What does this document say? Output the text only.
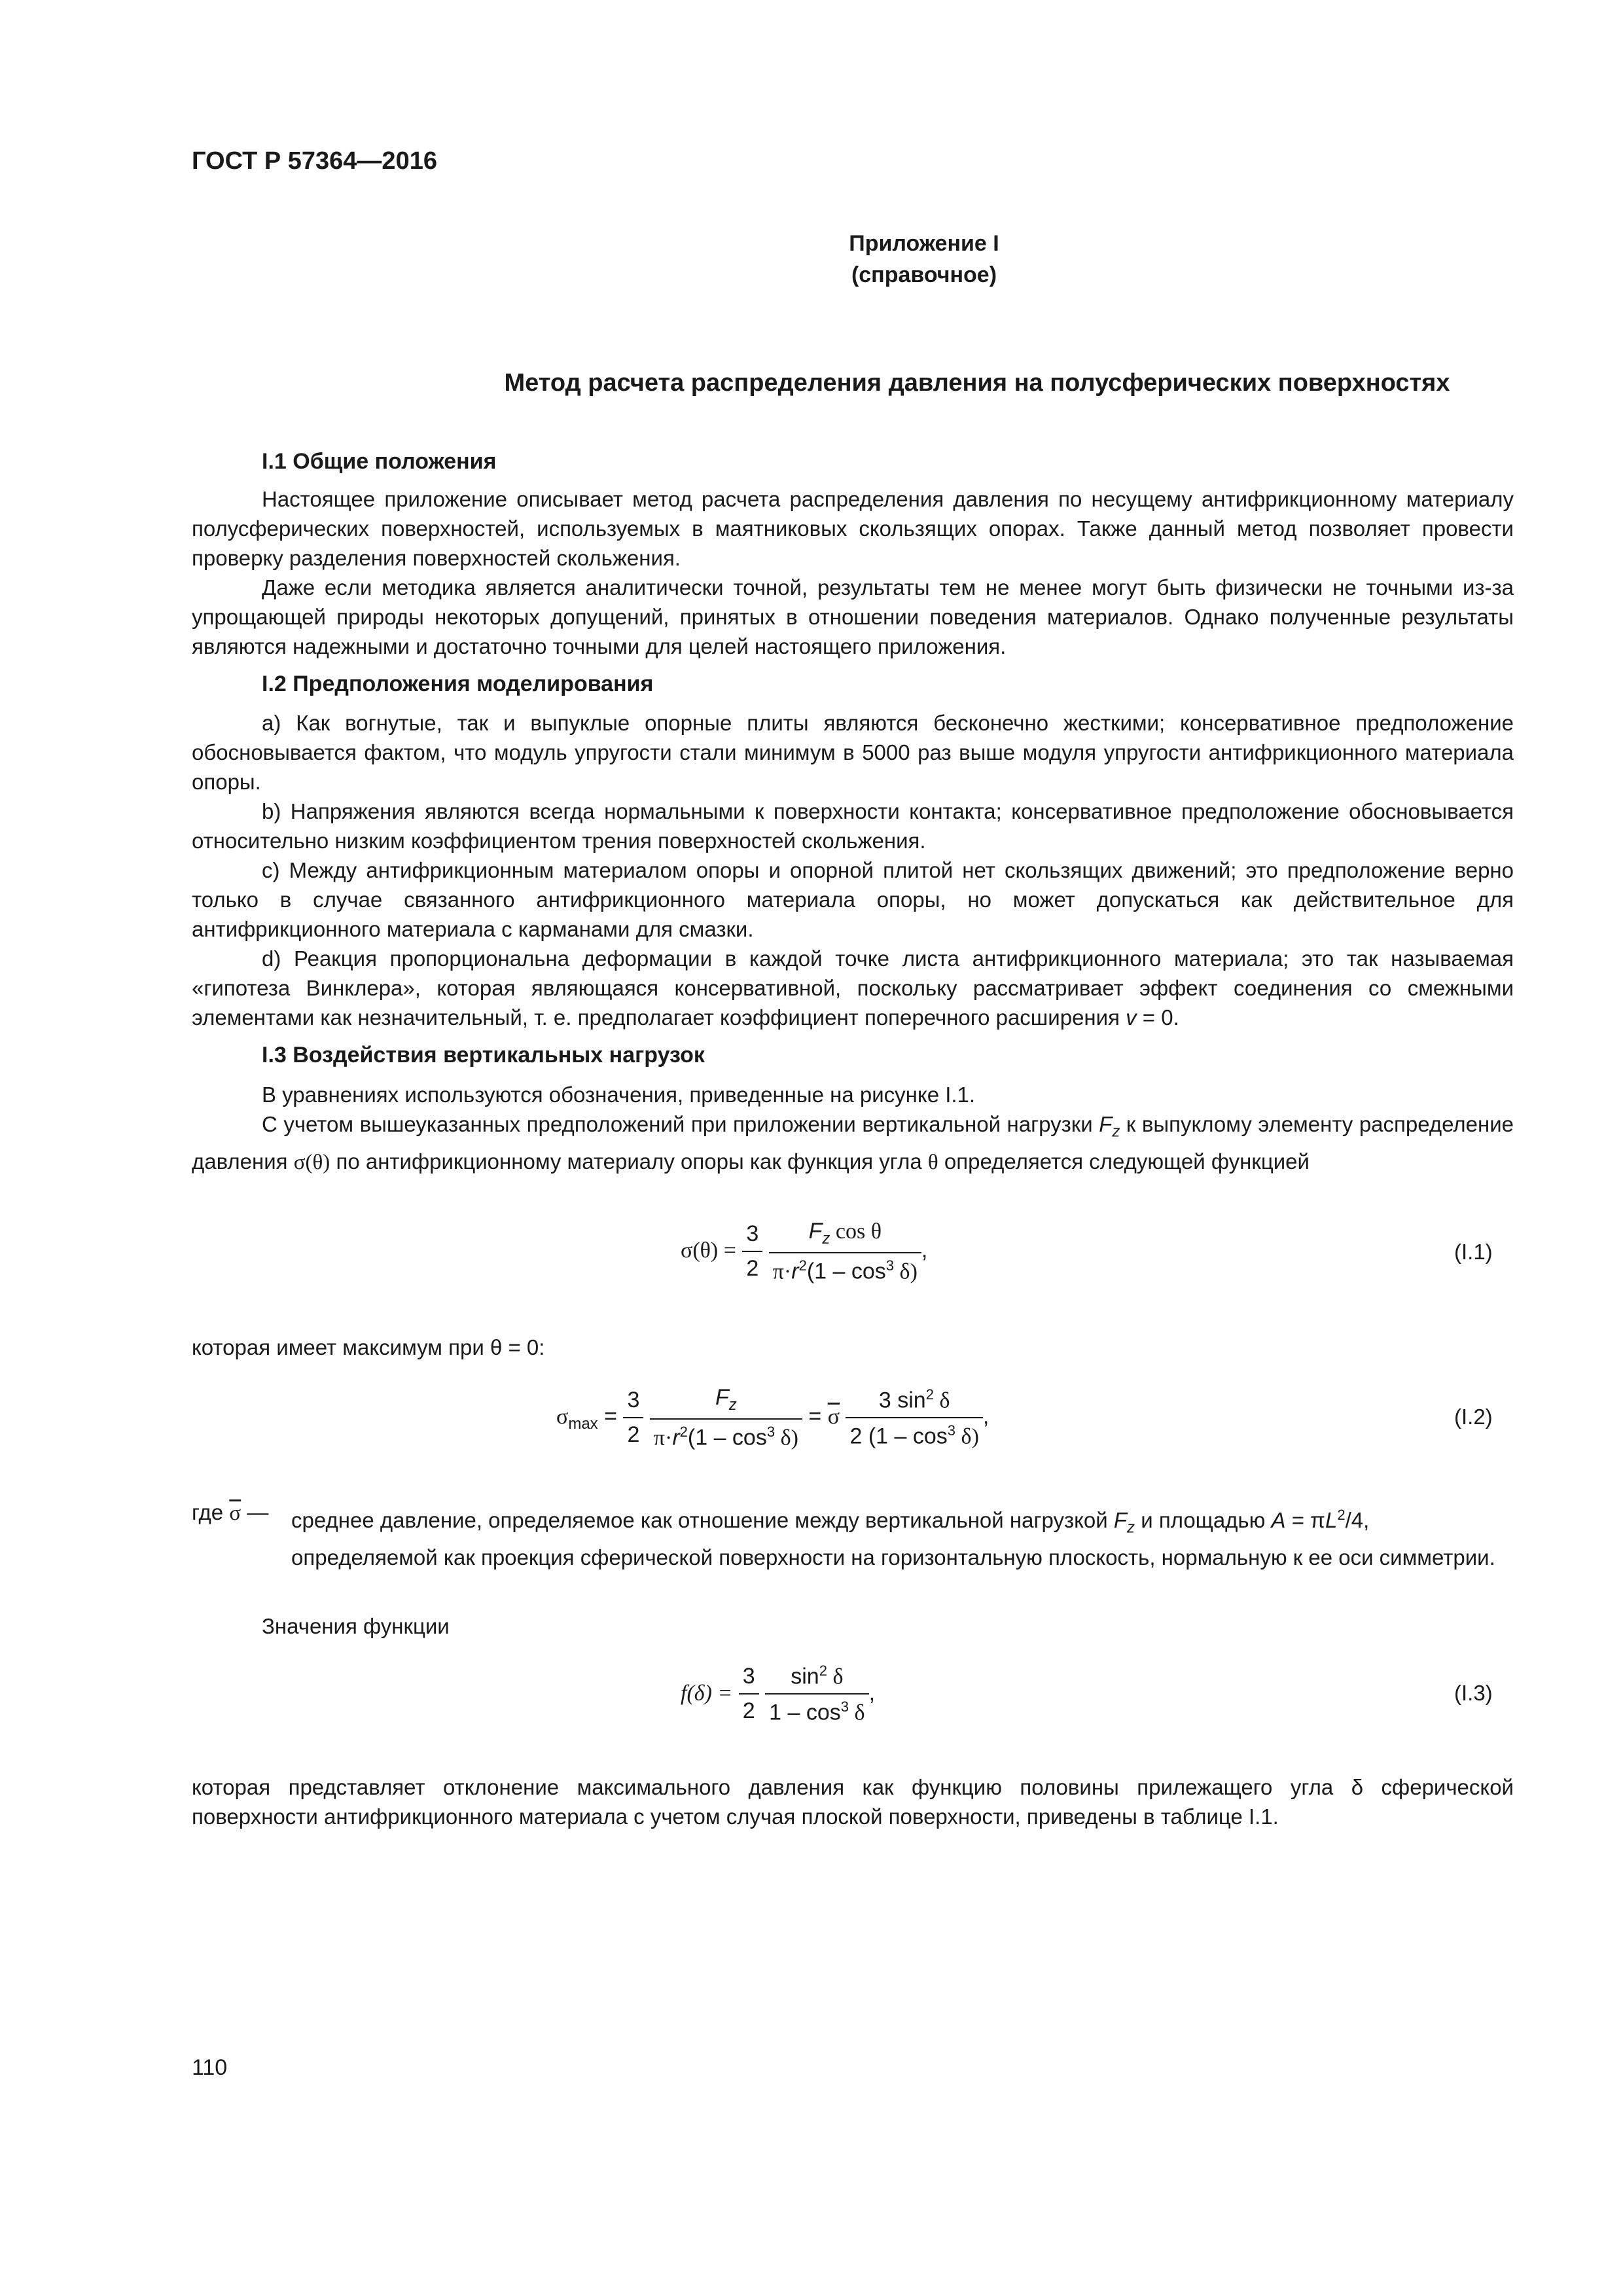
ГОСТ Р 57364—2016
Приложение I
(справочное)
Метод расчета распределения давления на полусферических поверхностях
I.1 Общие положения
Настоящее приложение описывает метод расчета распределения давления по несущему антифрикционному материалу полусферических поверхностей, используемых в маятниковых скользящих опорах. Также данный метод позволяет провести проверку разделения поверхностей скольжения.
Даже если методика является аналитически точной, результаты тем не менее могут быть физически не точными из-за упрощающей природы некоторых допущений, принятых в отношении поведения материалов. Однако полученные результаты являются надежными и достаточно точными для целей настоящего приложения.
I.2 Предположения моделирования
a) Как вогнутые, так и выпуклые опорные плиты являются бесконечно жесткими; консервативное предположение обосновывается фактом, что модуль упругости стали минимум в 5000 раз выше модуля упругости антифрикционного материала опоры.
b) Напряжения являются всегда нормальными к поверхности контакта; консервативное предположение обосновывается относительно низким коэффициентом трения поверхностей скольжения.
c) Между антифрикционным материалом опоры и опорной плитой нет скользящих движений; это предположение верно только в случае связанного антифрикционного материала опоры, но может допускаться как действительное для антифрикционного материала с карманами для смазки.
d) Реакция пропорциональна деформации в каждой точке листа антифрикционного материала; это так называемая «гипотеза Винклера», которая являющаяся консервативной, поскольку рассматривает эффект соединения со смежными элементами как незначительный, т. е. предполагает коэффициент поперечного расширения v = 0.
I.3 Воздействия вертикальных нагрузок
В уравнениях используются обозначения, приведенные на рисунке I.1.
С учетом вышеуказанных предположений при приложении вертикальной нагрузки $F_z$ к выпуклому элементу распределение давления σ(θ) по антифрикционному материалу опоры как функция угла θ определяется следующей функцией
$\sigma(\theta) = \frac{3}{2}$
$\frac{F_z \cos \theta}{\pi\cdot r^2(1 - \cos^3 \delta)}$ ,	(I.1)
которая имеет максимум при θ = 0:
$\sigma_{max} = \frac{3}{2}$
$\frac{F_z}{\pi\cdot r^2(1 - \cos^3 \delta)} = \overline{\sigma} \frac{3 \sin^2 \delta}{2 (1 - \cos^3 \delta)}$ ,	(I.2)
где $\overline{\sigma}$ — среднее давление, определяемое как отношение между вертикальной нагрузкой $F_z$ и площадью $A = \pi L^2/4$, определяемой как проекция сферической поверхности на горизонтальную плоскость, нормальную к ее оси симметрии.
Значения функции
$f(\delta) = \frac{3}{2}$
$\frac{\sin^2 \delta}{1 - \cos^3 \delta}$ ,	(I.3)
которая представляет отклонение максимального давления как функцию половины прилежащего угла δ сферической поверхности антифрикционного материала с учетом случая плоской поверхности, приведены в таблице I.1.
110
